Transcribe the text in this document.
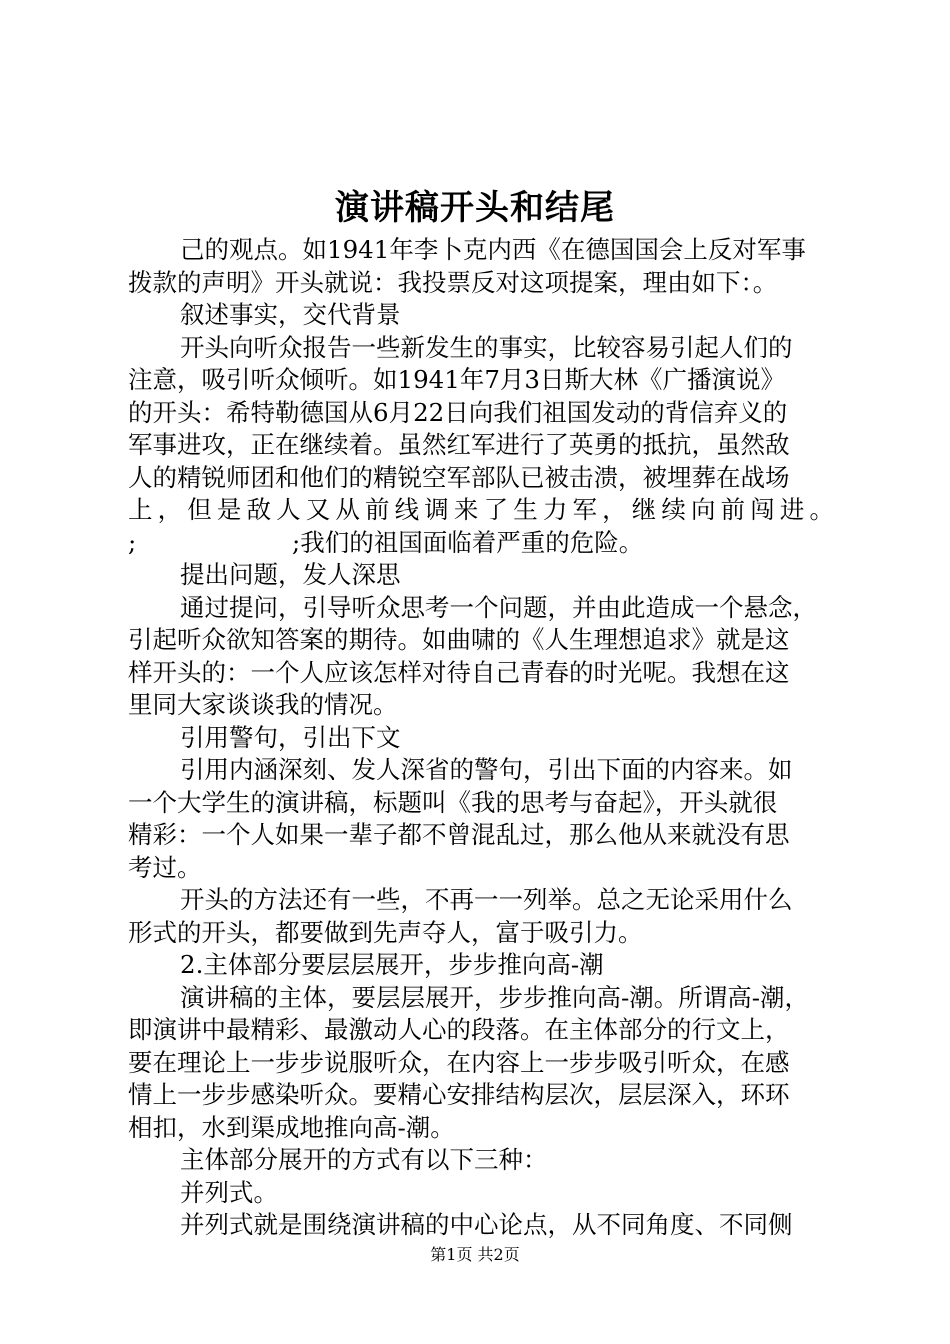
演讲稿开头和结尾
己的观点。如1941年李卜克内西《在德国国会上反对军事
拨款的声明》开头就说：我投票反对这项提案，理由如下：。
叙述事实，交代背景
开头向听众报告一些新发生的事实，比较容易引起人们的
注意，吸引听众倾听。如1941年7月3日斯大林《广播演说》
的开头：希特勒德国从6月22日向我们祖国发动的背信弃义的
军事进攻，正在继续着。虽然红军进行了英勇的抵抗，虽然敌
人的精锐师团和他们的精锐空军部队已被击溃，被埋葬在战场
上，但是敌人又从前线调来了生力军，继续向前闯进。
;                    ;我们的祖国面临着严重的危险。
提出问题，发人深思
通过提问，引导听众思考一个问题，并由此造成一个悬念，
引起听众欲知答案的期待。如曲啸的《人生理想追求》就是这
样开头的：一个人应该怎样对待自己青春的时光呢。我想在这
里同大家谈谈我的情况。
引用警句，引出下文
引用内涵深刻、发人深省的警句，引出下面的内容来。如
一个大学生的演讲稿，标题叫《我的思考与奋起》，开头就很
精彩：一个人如果一辈子都不曾混乱过，那么他从来就没有思
考过。
开头的方法还有一些，不再一一列举。总之无论采用什么
形式的开头，都要做到先声夺人，富于吸引力。
2.主体部分要层层展开，步步推向高-潮
演讲稿的主体，要层层展开，步步推向高-潮。所谓高-潮，
即演讲中最精彩、最激动人心的段落。在主体部分的行文上，
要在理论上一步步说服听众，在内容上一步步吸引听众，在感
情上一步步感染听众。要精心安排结构层次，层层深入，环环
相扣，水到渠成地推向高-潮。
主体部分展开的方式有以下三种：
并列式。
并列式就是围绕演讲稿的中心论点，从不同角度、不同侧
第1页 共2页
